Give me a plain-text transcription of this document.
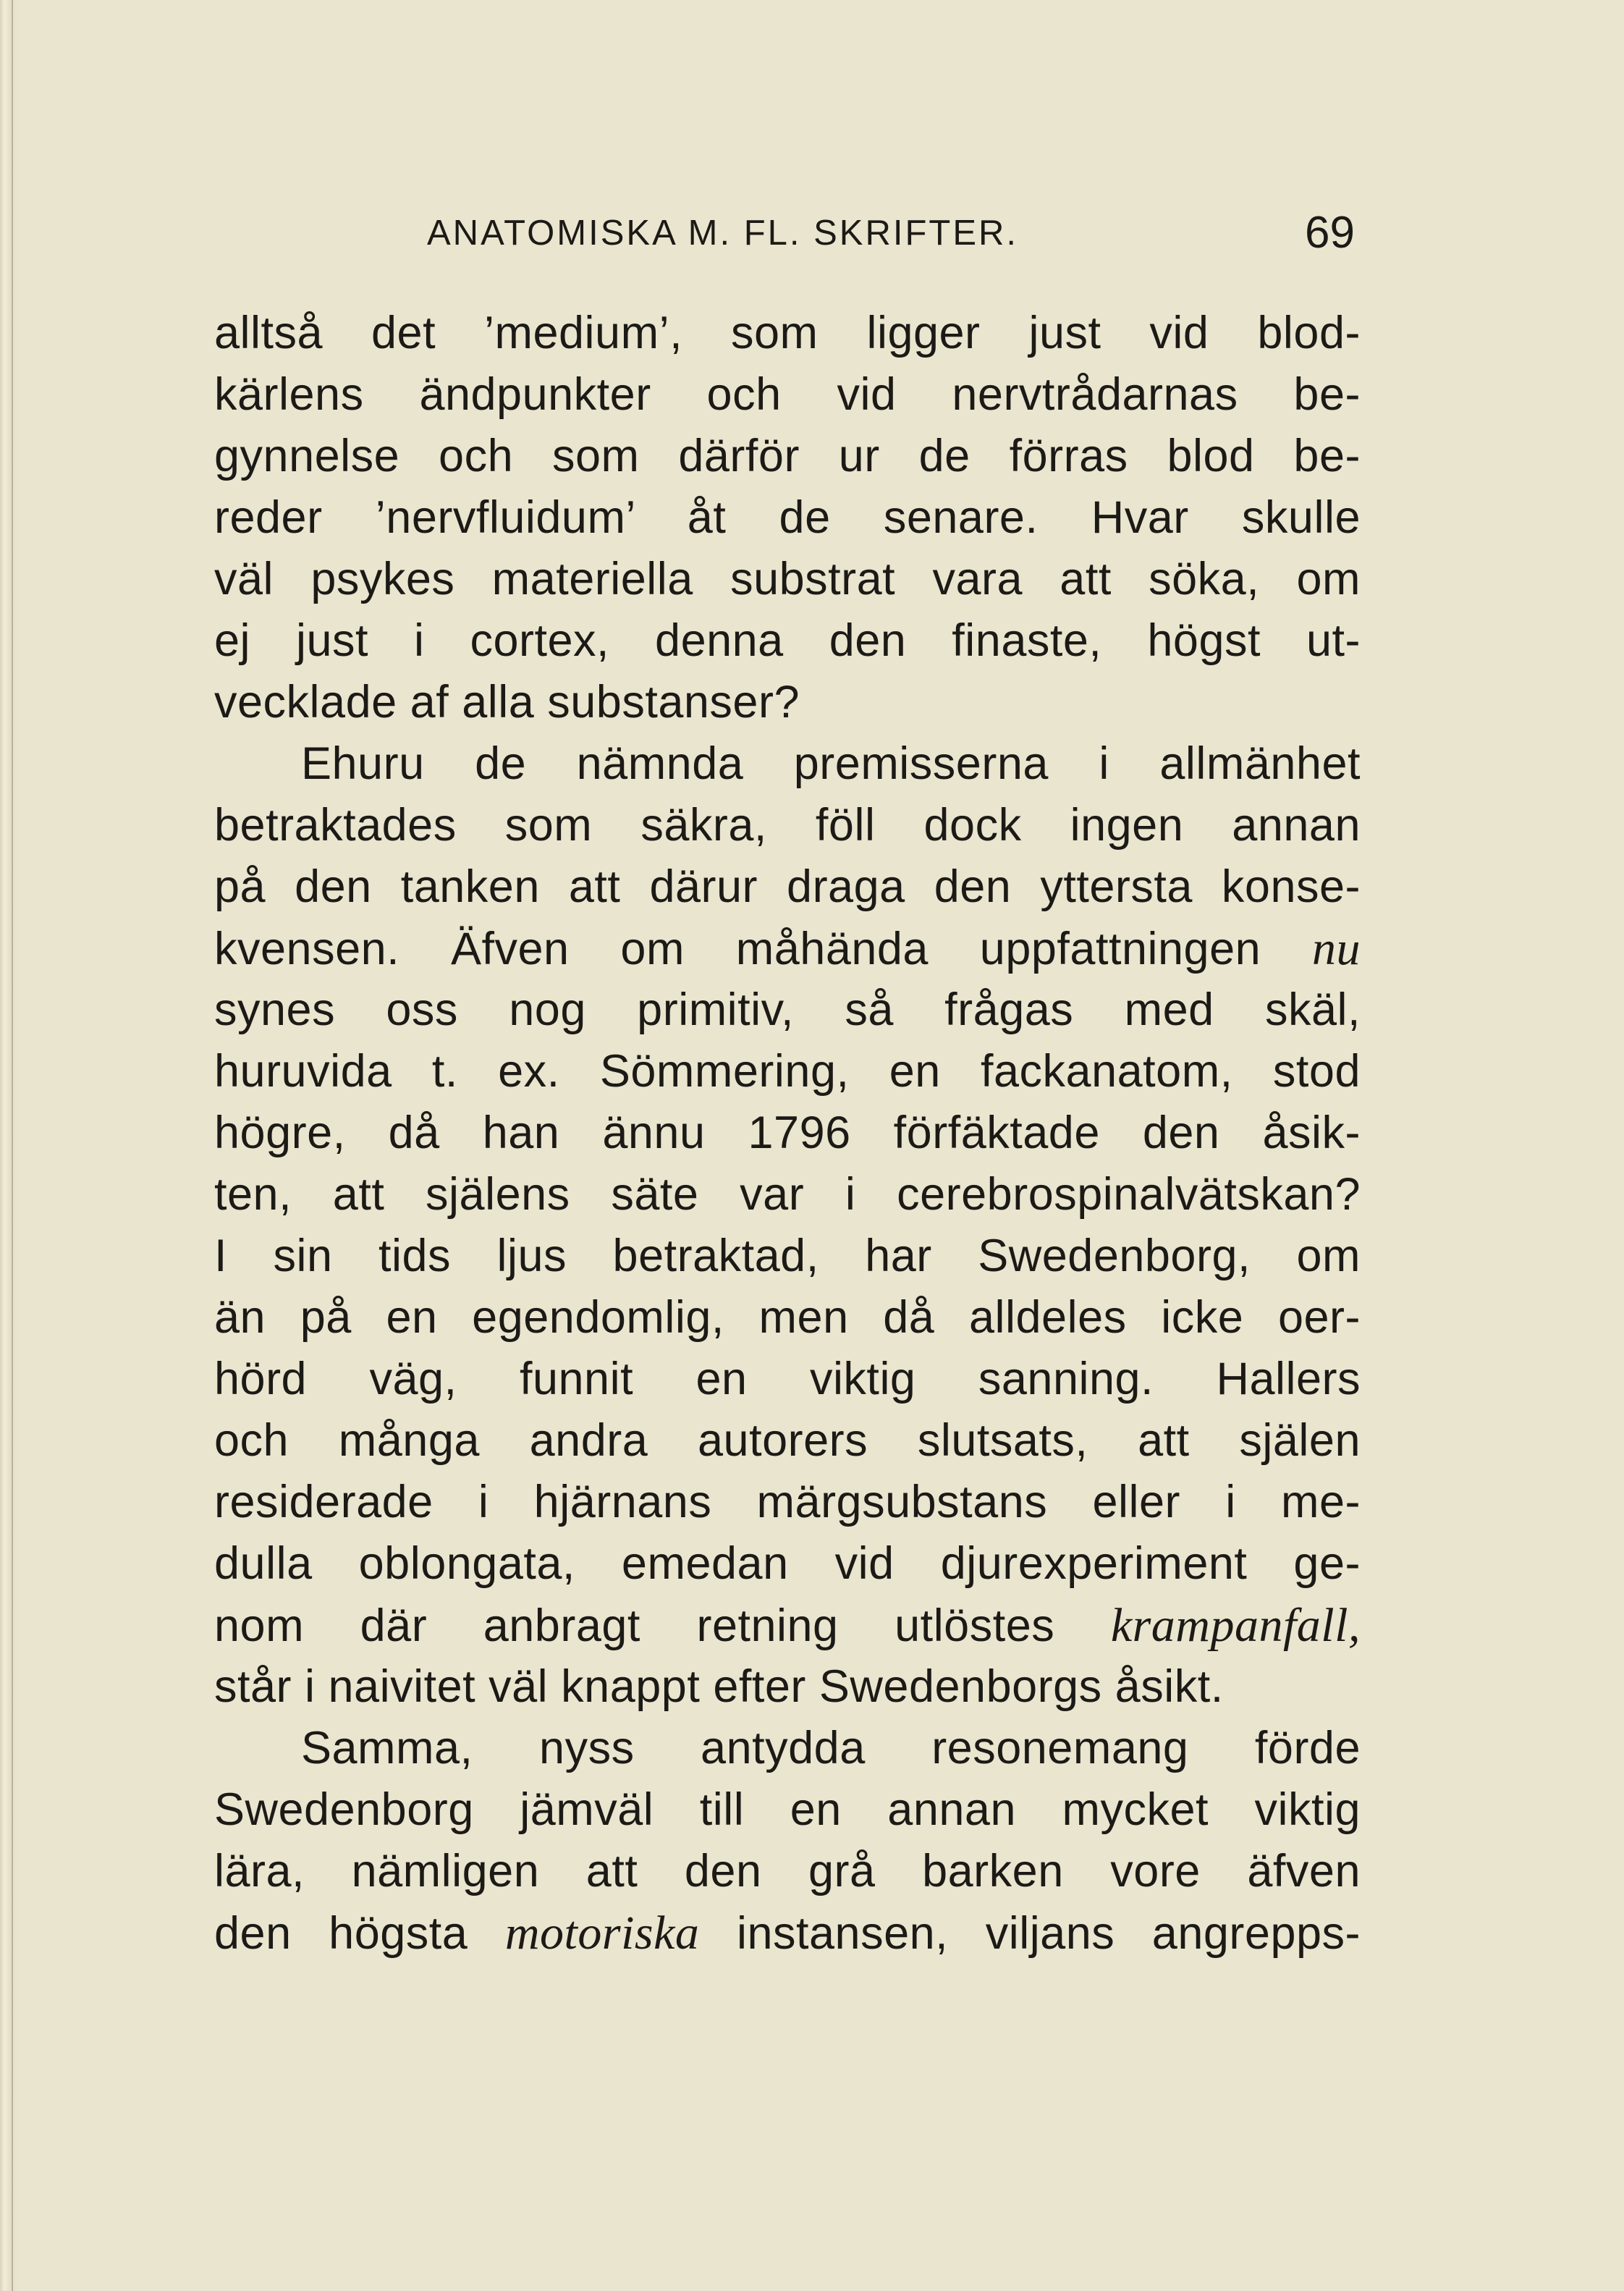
ANATOMISKA M. FL. SKRIFTER.	69
alltså det ’medium’, som ligger just vid blod-
kärlens ändpunkter och vid nervtrådarnas be-
gynnelse och som därför ur de förras blod be-
reder ’nervfluidum’ åt de senare. Hvar skulle
väl psykes materiella substrat vara att söka, om
ej just i cortex, denna den finaste, högst ut-
vecklade af alla substanser?
Ehuru de nämnda premisserna i allmänhet
betraktades som säkra, föll dock ingen annan
på den tanken att därur draga den yttersta konse-
kvensen. Äfven om måhända uppfattningen nu
synes oss nog primitiv, så frågas med skäl,
huruvida t. ex. Sömmering, en fackanatom, stod
högre, då han ännu 1796 förfäktade den åsik-
ten, att själens säte var i cerebrospinalvätskan?
I sin tids ljus betraktad, har Swedenborg, om
än på en egendomlig, men då alldeles icke oer-
hörd väg, funnit en viktig sanning. Hallers
och många andra autorers slutsats, att själen
residerade i hjärnans märgsubstans eller i me-
dulla oblongata, emedan vid djurexperiment ge-
nom där anbragt retning utlöstes krampanfall,
står i naivitet väl knappt efter Swedenborgs åsikt.
Samma, nyss antydda resonemang förde
Swedenborg jämväl till en annan mycket viktig
lära, nämligen att den grå barken vore äfven
den högsta motoriska instansen, viljans angrepps-
